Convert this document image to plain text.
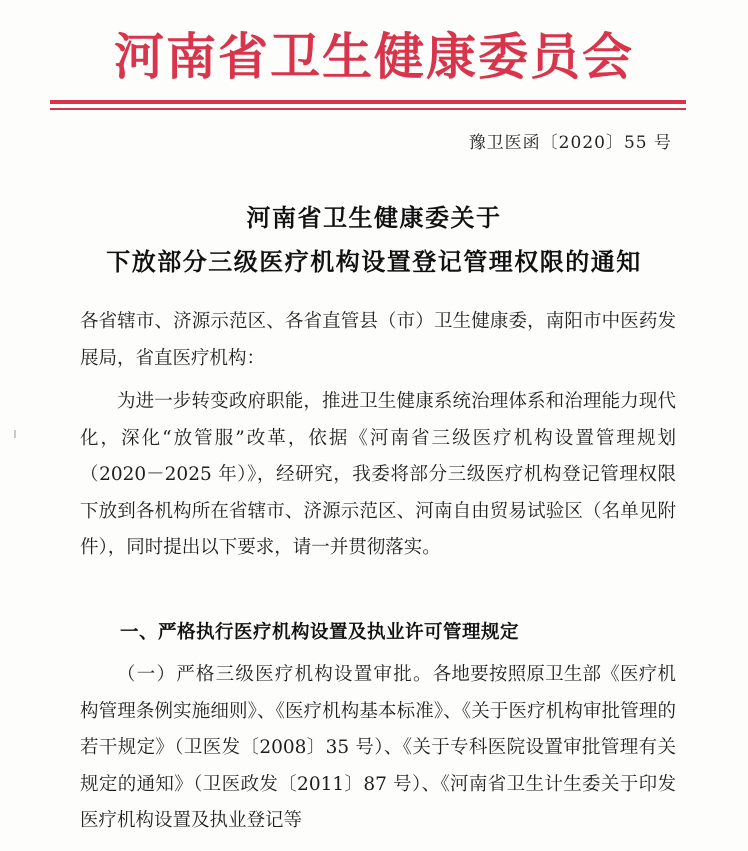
河南省卫生健康委员会
豫卫医函〔2020〕55 号
河南省卫生健康委关于
下放部分三级医疗机构设置登记管理权限的通知

各省辖市、济源示范区、各省直管县（市）卫生健康委，南阳市中医药发展局，省直医疗机构：

为进一步转变政府职能，推进卫生健康系统治理体系和治理能力现代化，深化“放管服”改革，依据《河南省三级医疗机构设置管理规划（2020－2025 年）》，经研究，我委将部分三级医疗机构登记管理权限下放到各机构所在省辖市、济源示范区、河南自由贸易试验区（名单见附件），同时提出以下要求，请一并贯彻落实。

一、严格执行医疗机构设置及执业许可管理规定

（一）严格三级医疗机构设置审批。各地要按照原卫生部《医疗机构管理条例实施细则》、《医疗机构基本标准》、《关于医疗机构审批管理的若干规定》（卫医发〔2008〕35 号）、《关于专科医院设置审批管理有关规定的通知》（卫医政发〔2011〕87 号）、《河南省卫生计生委关于印发医疗机构设置及执业登记等
